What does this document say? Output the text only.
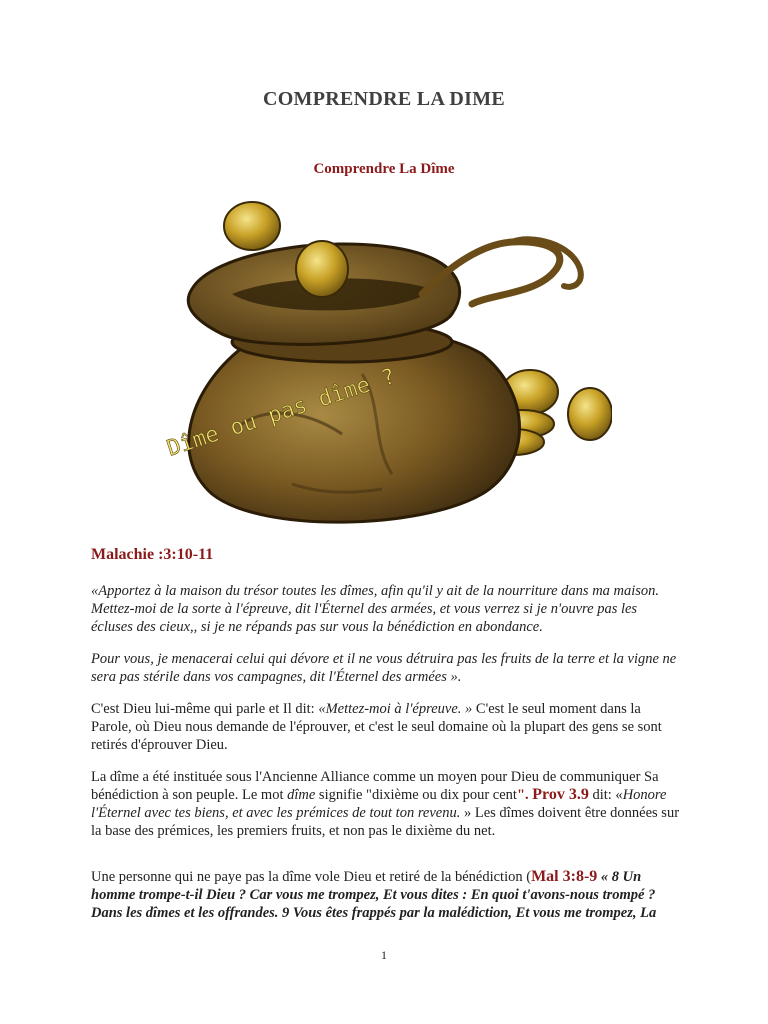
COMPRENDRE LA DIME
Comprendre La Dîme
Dîme ou pas dîme ?
Malachie :3:10-11
«Apportez à la maison du trésor toutes les dîmes, afin qu'il y ait de la nourriture dans ma maison. Mettez-moi de la sorte à l'épreuve, dit l'Éternel des armées, et vous verrez si je n'ouvre pas les écluses des cieux,, si je ne répands pas sur vous la bénédiction en abondance.
Pour vous, je menacerai celui qui dévore et il ne vous détruira pas les fruits de la terre et la vigne ne sera pas stérile dans vos campagnes, dit l'Éternel des armées ».
C'est Dieu lui-même qui parle et Il dit: «Mettez-moi à l'épreuve. » C'est le seul moment dans la Parole, où Dieu nous demande de l'éprouver, et c'est le seul domaine où la plupart des gens se sont retirés d'éprouver Dieu.
La dîme a été instituée sous l'Ancienne Alliance comme un moyen pour Dieu de communiquer Sa bénédiction à son peuple. Le mot dîme signifie "dixième ou dix pour cent". Prov 3.9 dit: «Honore l'Éternel avec tes biens, et avec les prémices de tout ton revenu. » Les dîmes doivent être données sur la base des prémices, les premiers fruits, et non pas le dixième du net.
Une personne qui ne paye pas la dîme vole Dieu et retiré de la bénédiction (Mal 3:8-9 « 8 Un homme trompe-t-il Dieu ? Car vous me trompez, Et vous dites : En quoi t'avons-nous trompé ? Dans les dîmes et les offrandes. 9 Vous êtes frappés par la malédiction, Et vous me trompez, La
1
